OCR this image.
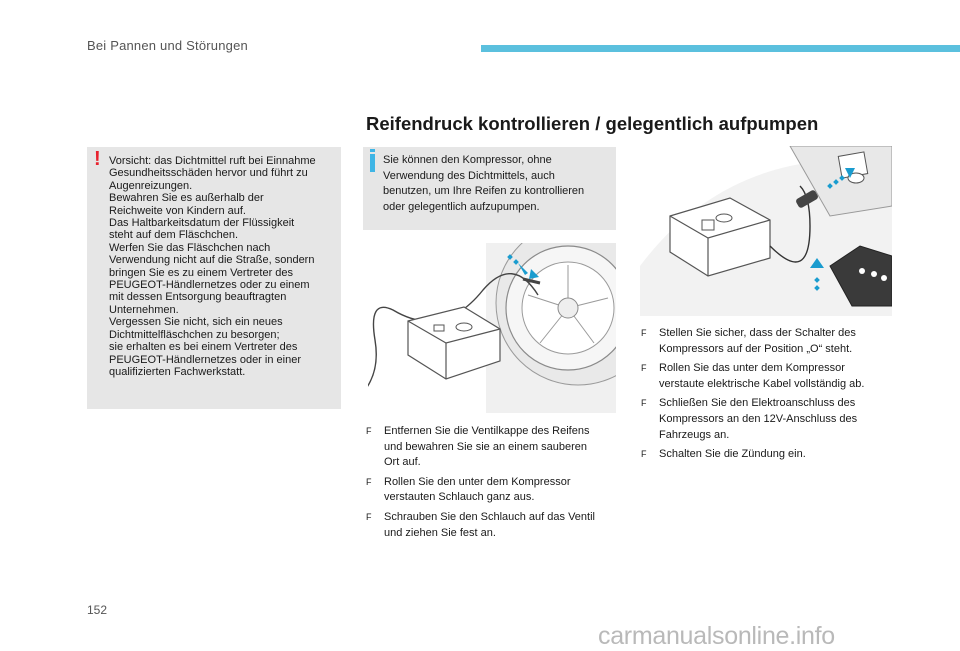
Bei Pannen und Störungen
Reifendruck kontrollieren / gelegentlich aufpumpen
! Vorsicht: das Dichtmittel ruft bei Einnahme
Gesundheitsschäden hervor und führt zu
Augenreizungen.
Bewahren Sie es außerhalb der
Reichweite von Kindern auf.
Das Haltbarkeitsdatum der Flüssigkeit
steht auf dem Fläschchen.
Werfen Sie das Fläschchen nach
Verwendung nicht auf die Straße, sondern
bringen Sie es zu einem Vertreter des
PEUGEOT-Händlernetzes oder zu einem
mit dessen Entsorgung beauftragten
Unternehmen.
Vergessen Sie nicht, sich ein neues
Dichtmittelfläschchen zu besorgen;
sie erhalten es bei einem Vertreter des
PEUGEOT-Händlernetzes oder in einer
qualifizierten Fachwerkstatt.
Sie können den Kompressor, ohne
Verwendung des Dichtmittels, auch
benutzen, um Ihre Reifen zu kontrollieren
oder gelegentlich aufzupumpen.
F Entfernen Sie die Ventilkappe des Reifens
und bewahren Sie sie an einem sauberen
Ort auf.
F Rollen Sie den unter dem Kompressor
verstauten Schlauch ganz aus.
F Schrauben Sie den Schlauch auf das Ventil
und ziehen Sie fest an.
F Stellen Sie sicher, dass der Schalter des
Kompressors auf der Position „O“ steht.
F Rollen Sie das unter dem Kompressor
verstaute elektrische Kabel vollständig ab.
F Schließen Sie den Elektroanschluss des
Kompressors an den 12V-Anschluss des
Fahrzeugs an.
F Schalten Sie die Zündung ein.
152
carmanualsonline.info
